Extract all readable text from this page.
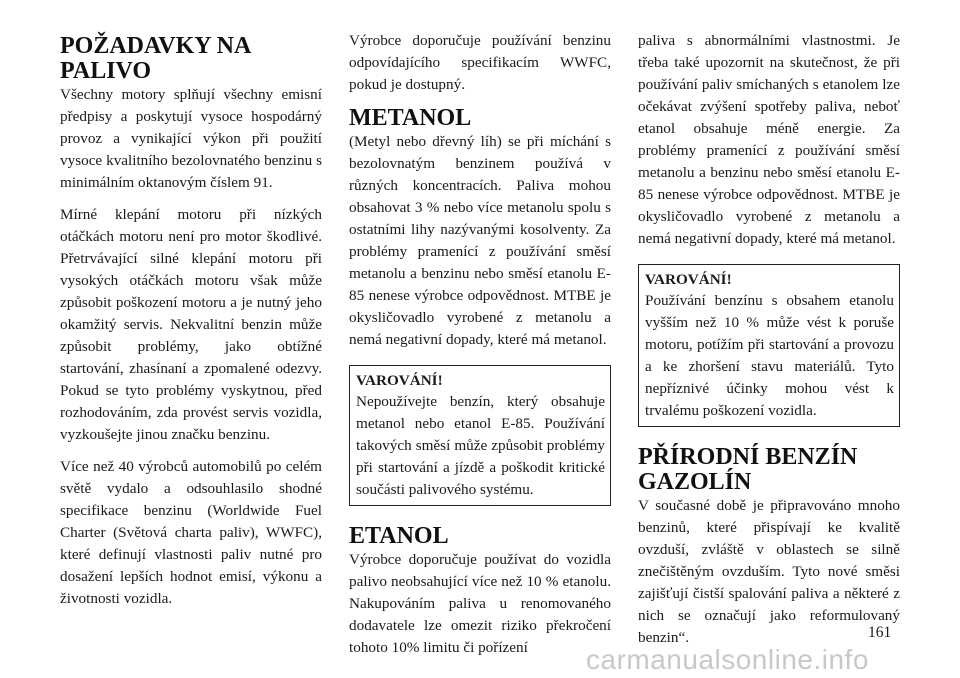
POŽADAVKY NA PALIVO

Všechny motory splňují všechny emisní předpisy a poskytují vysoce hospodárný provoz a vynikající výkon při použití vysoce kvalitního bezolovnatého benzinu s minimálním oktanovým číslem 91.

Mírné klepání motoru při nízkých otáčkách motoru není pro motor škodlivé. Přetrvávající silné klepání motoru při vysokých otáčkách motoru však může způsobit poškození motoru a je nutný jeho okamžitý servis. Nekvalitní benzin může způsobit problémy, jako obtížné startování, zhasínaní a zpomalené odezvy. Pokud se tyto problémy vyskytnou, před rozhodováním, zda provést servis vozidla, vyzkoušejte jinou značku benzinu.

Více než 40 výrobců automobilů po celém světě vydalo a odsouhlasilo shodné specifikace benzinu (Worldwide Fuel Charter (Světová charta paliv), WWFC), které definují vlastnosti paliv nutné pro dosažení lepších hodnot emisí, výkonu a životnosti vozidla.

Výrobce doporučuje používání benzinu odpovídajícího specifikacím WWFC, pokud je dostupný.

METANOL

(Metyl nebo dřevný líh) se při míchání s bezolovnatým benzinem používá v různých koncentracích. Paliva mohou obsahovat 3 % nebo více metanolu spolu s ostatními lihy nazývanými kosolventy. Za problémy pramenící z používání směsí metanolu a benzinu nebo směsí etanolu E-85 nenese výrobce odpovědnost. MTBE je okysličovadlo vyrobené z metanolu a nemá negativní dopady, které má metanol.

VAROVÁNÍ!

Nepoužívejte benzín, který obsahuje metanol nebo etanol E-85. Používání takových směsí může způsobit problémy při startování a jízdě a poškodit kritické součásti palivového systému.

ETANOL

Výrobce doporučuje používat do vozidla palivo neobsahující více než 10 % etanolu. Nakupováním paliva u renomovaného dodavatele lze omezit riziko překročení tohoto 10% limitu či pořízení

paliva s abnormálními vlastnostmi. Je třeba také upozornit na skutečnost, že při používání paliv smíchaných s etanolem lze očekávat zvýšení spotřeby paliva, neboť etanol obsahuje méně energie. Za problémy pramenící z používání směsí metanolu a benzinu nebo směsí etanolu E-85 nenese výrobce odpovědnost. MTBE je okysličovadlo vyrobené z metanolu a nemá negativní dopady, které má metanol.

VAROVÁNÍ!

Používání benzínu s obsahem etanolu vyšším než 10 % může vést k poruše motoru, potížím při startování a provozu a ke zhoršení stavu materiálů. Tyto nepříznivé účinky mohou vést k trvalému poškození vozidla.

PŘÍRODNÍ BENZÍN GAZOLÍN

V současné době je připravováno mnoho benzinů, které přispívají ke kvalitě ovzduší, zvláště v oblastech se silně znečištěným ovzduším. Tyto nové směsi zajišťují čistší spalování paliva a některé z nich se označují jako reformulovaný benzin“.	161
carmanualsonline.info
